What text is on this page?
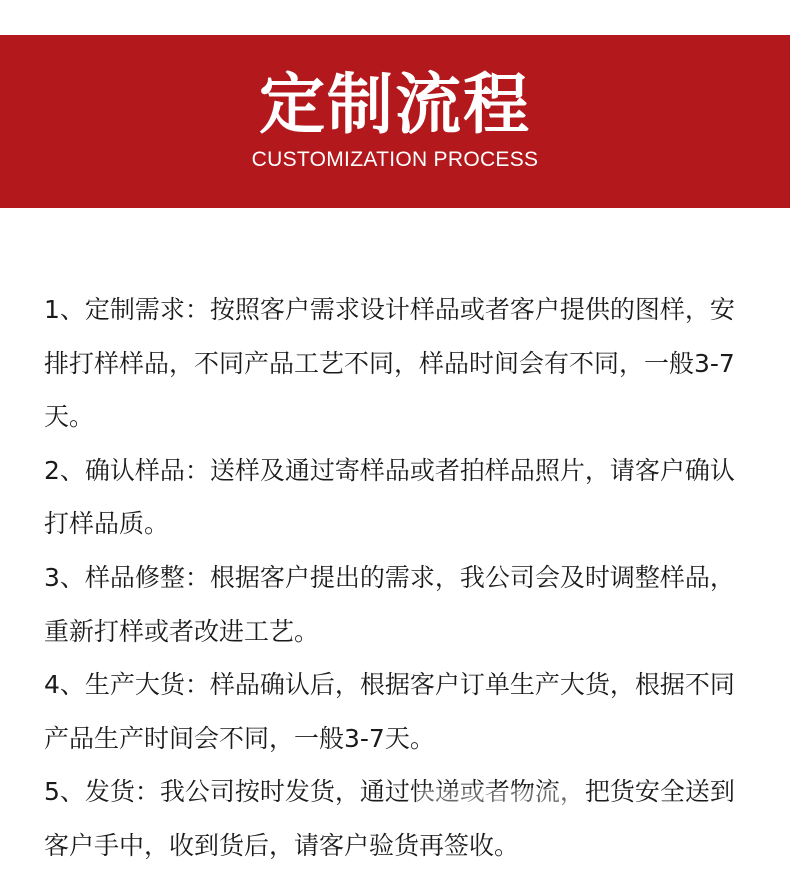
定制流程
CUSTOMIZATION PROCESS
1、定制需求：按照客户需求设计样品或者客户提供的图样，安排打样样品，不同产品工艺不同，样品时间会有不同，一般3-7天。
2、确认样品：送样及通过寄样品或者拍样品照片，请客户确认打样品质。
3、样品修整：根据客户提出的需求，我公司会及时调整样品，重新打样或者改进工艺。
4、生产大货：样品确认后，根据客户订单生产大货，根据不同产品生产时间会不同，一般3-7天。
5、发货：我公司按时发货，通过快递或者物流，把货安全送到客户手中，收到货后，请客户验货再签收。
